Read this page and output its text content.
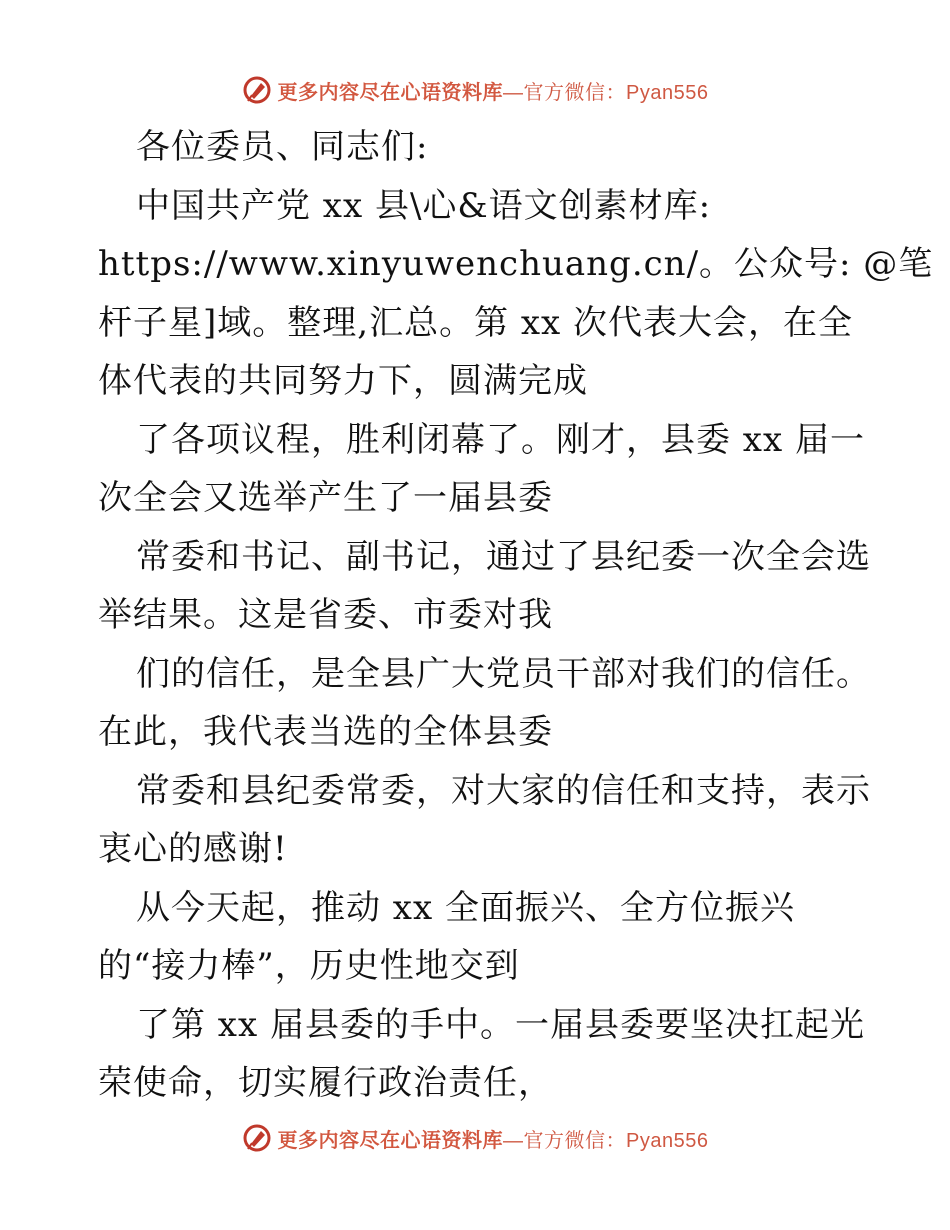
更多内容尽在心语资料库—官方微信：Pyan556
各位委员、同志们:
中国共产党 xx 县\心&语文创素材库:
https://www.xinyuwenchuang.cn/。公众号: @笔
杆子星]域。整理,汇总。第 xx 次代表大会，在全
体代表的共同努力下，圆满完成
了各项议程，胜利闭幕了。刚才，县委 xx 届一
次全会又选举产生了一届县委
常委和书记、副书记，通过了县纪委一次全会选
举结果。这是省委、市委对我
们的信任，是全县广大党员干部对我们的信任。
在此，我代表当选的全体县委
常委和县纪委常委，对大家的信任和支持，表示
衷心的感谢!
从今天起，推动 xx 全面振兴、全方位振兴
的“接力棒”，历史性地交到
了第 xx 届县委的手中。一届县委要坚决扛起光
荣使命，切实履行政治责任，
更多内容尽在心语资料库—官方微信：Pyan556
